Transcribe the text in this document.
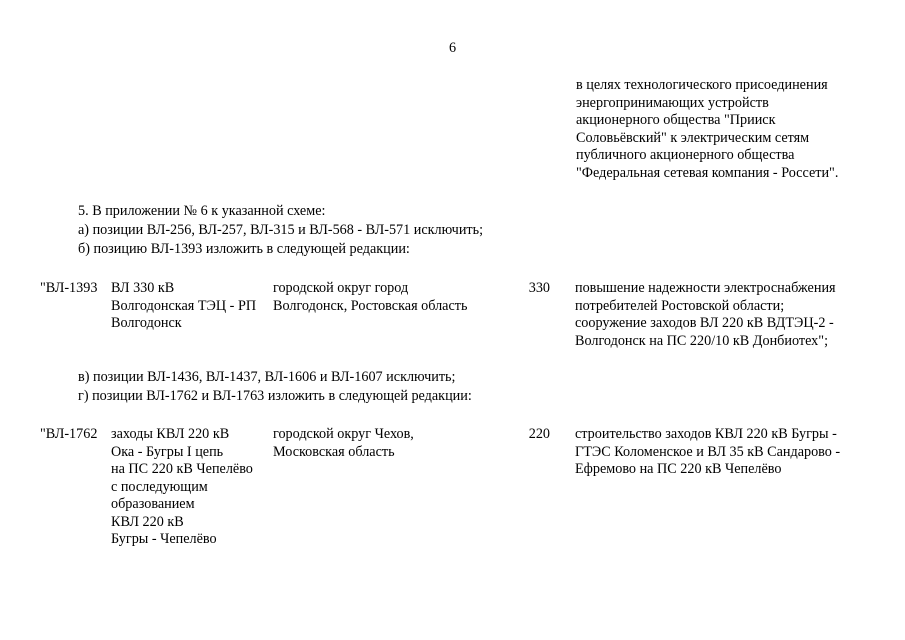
6
в целях технологического присоединения
энергопринимающих устройств
акционерного общества "Прииск
Соловьёвский" к электрическим сетям
публичного акционерного общества
"Федеральная сетевая компания - Россети".
5. В приложении № 6 к указанной схеме:
а) позиции ВЛ-256, ВЛ-257, ВЛ-315 и ВЛ-568 - ВЛ-571 исключить;
б) позицию ВЛ-1393 изложить в следующей редакции:
"ВЛ-1393 ВЛ 330 кВ
Волгодонская ТЭЦ - РП
Волгодонск
городской округ город
Волгодонск, Ростовская область
330 повышение надежности электроснабжения
потребителей Ростовской области;
сооружение заходов ВЛ 220 кВ ВДТЭЦ-2 -
Волгодонск на ПС 220/10 кВ Донбиотех";
в) позиции ВЛ-1436, ВЛ-1437, ВЛ-1606 и ВЛ-1607 исключить;
г) позиции ВЛ-1762 и ВЛ-1763 изложить в следующей редакции:
"ВЛ-1762 заходы КВЛ 220 кВ
Ока - Бугры I цепь
на ПС 220 кВ Чепелёво
с последующим
образованием
КВЛ 220 кВ
Бугры - Чепелёво
городской округ Чехов,
Московская область
220 строительство заходов КВЛ 220 кВ Бугры -
ГТЭС Коломенское и ВЛ 35 кВ Сандарово -
Ефремово на ПС 220 кВ Чепелёво
